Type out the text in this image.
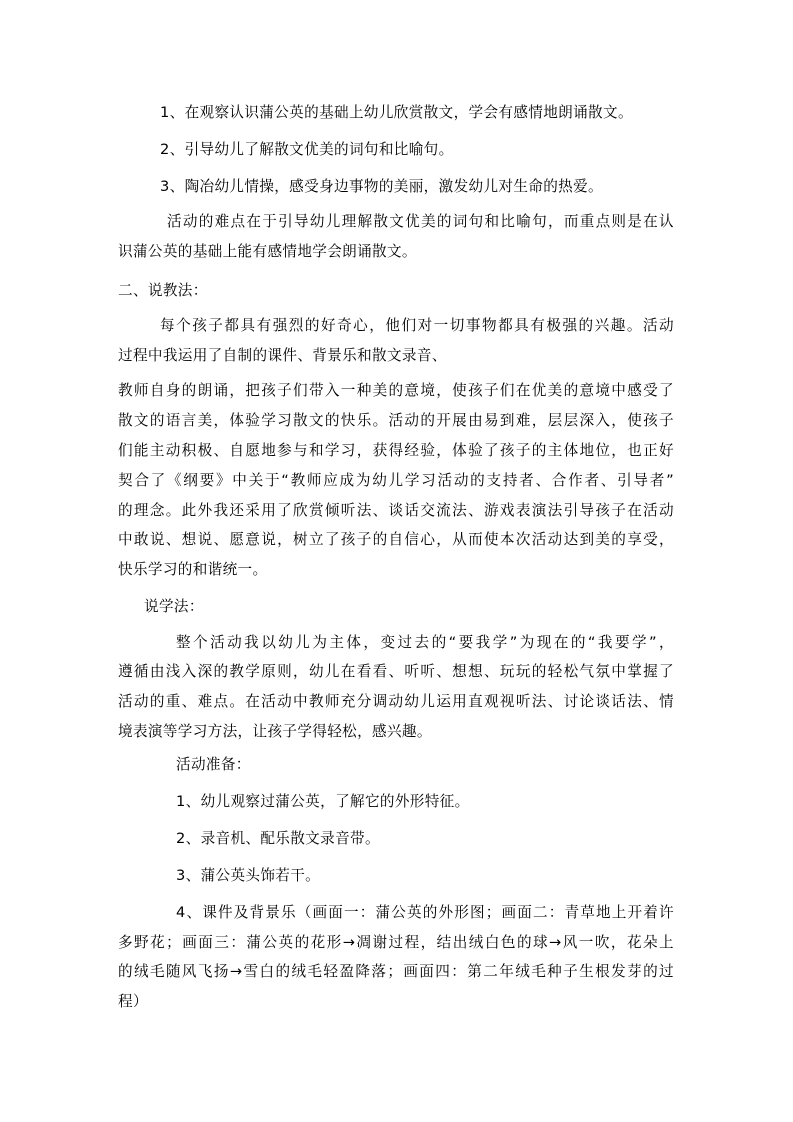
1、在观察认识蒲公英的基础上幼儿欣赏散文，学会有感情地朗诵散文。
2、引导幼儿了解散文优美的词句和比喻句。
3、陶冶幼儿情操，感受身边事物的美丽，激发幼儿对生命的热爱。
活动的难点在于引导幼儿理解散文优美的词句和比喻句，而重点则是在认
识蒲公英的基础上能有感情地学会朗诵散文。
二、说教法：
每个孩子都具有强烈的好奇心，他们对一切事物都具有极强的兴趣。活动
过程中我运用了自制的课件、背景乐和散文录音、
教师自身的朗诵，把孩子们带入一种美的意境，使孩子们在优美的意境中感受了
散文的语言美，体验学习散文的快乐。活动的开展由易到难，层层深入，使孩子
们能主动积极、自愿地参与和学习，获得经验，体验了孩子的主体地位，也正好
契合了《纲要》中关于“教师应成为幼儿学习活动的支持者、合作者、引导者”
的理念。此外我还采用了欣赏倾听法、谈话交流法、游戏表演法引导孩子在活动
中敢说、想说、愿意说，树立了孩子的自信心，从而使本次活动达到美的享受，
快乐学习的和谐统一。
说学法：
整个活动我以幼儿为主体，变过去的“要我学”为现在的“我要学”，
遵循由浅入深的教学原则，幼儿在看看、听听、想想、玩玩的轻松气氛中掌握了
活动的重、难点。在活动中教师充分调动幼儿运用直观视听法、讨论谈话法、情
境表演等学习方法，让孩子学得轻松，感兴趣。
活动准备：
1、幼儿观察过蒲公英，了解它的外形特征。
2、录音机、配乐散文录音带。
3、蒲公英头饰若干。
4、课件及背景乐（画面一：蒲公英的外形图；画面二：青草地上开着许
多野花；画面三：蒲公英的花形→凋谢过程，结出绒白色的球→风一吹，花朵上
的绒毛随风飞扬→雪白的绒毛轻盈降落；画面四：第二年绒毛种子生根发芽的过
程）
